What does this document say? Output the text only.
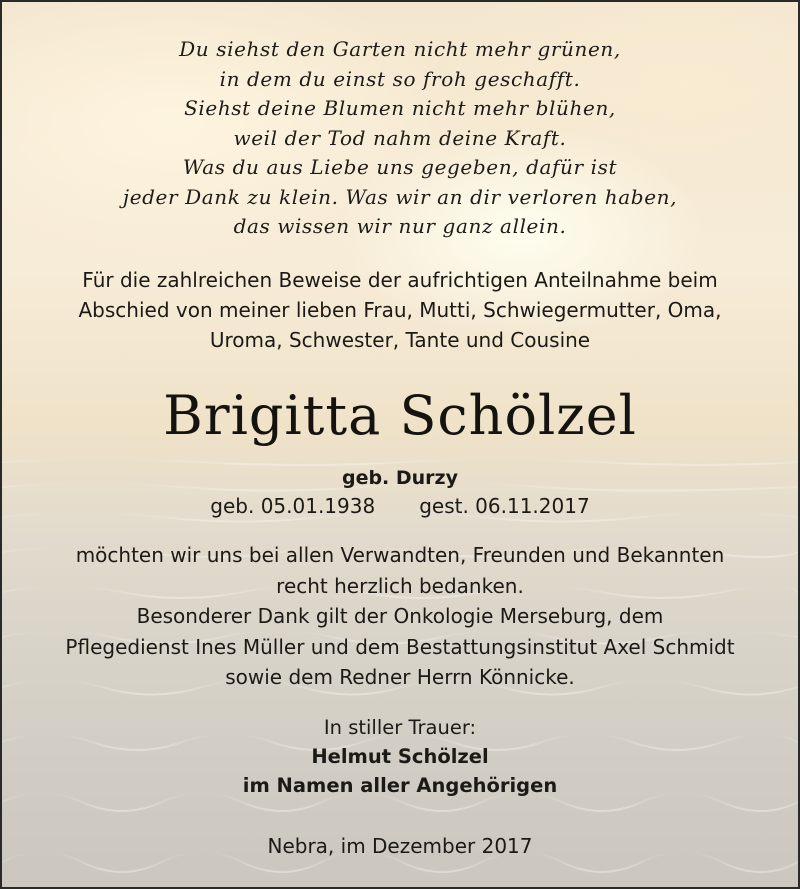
Du siehst den Garten nicht mehr grünen,
in dem du einst so froh geschafft.
Siehst deine Blumen nicht mehr blühen,
weil der Tod nahm deine Kraft.
Was du aus Liebe uns gegeben, dafür ist
jeder Dank zu klein. Was wir an dir verloren haben,
das wissen wir nur ganz allein.
Für die zahlreichen Beweise der aufrichtigen Anteilnahme beim
Abschied von meiner lieben Frau, Mutti, Schwiegermutter, Oma,
Uroma, Schwester, Tante und Cousine
Brigitta Schölzel
geb. Durzy
geb. 05.01.1938 gest. 06.11.2017
möchten wir uns bei allen Verwandten, Freunden und Bekannten
recht herzlich bedanken.
Besonderer Dank gilt der Onkologie Merseburg, dem
Pflegedienst Ines Müller und dem Bestattungsinstitut Axel Schmidt
sowie dem Redner Herrn Könnicke.
In stiller Trauer:
Helmut Schölzel
im Namen aller Angehörigen
Nebra, im Dezember 2017
